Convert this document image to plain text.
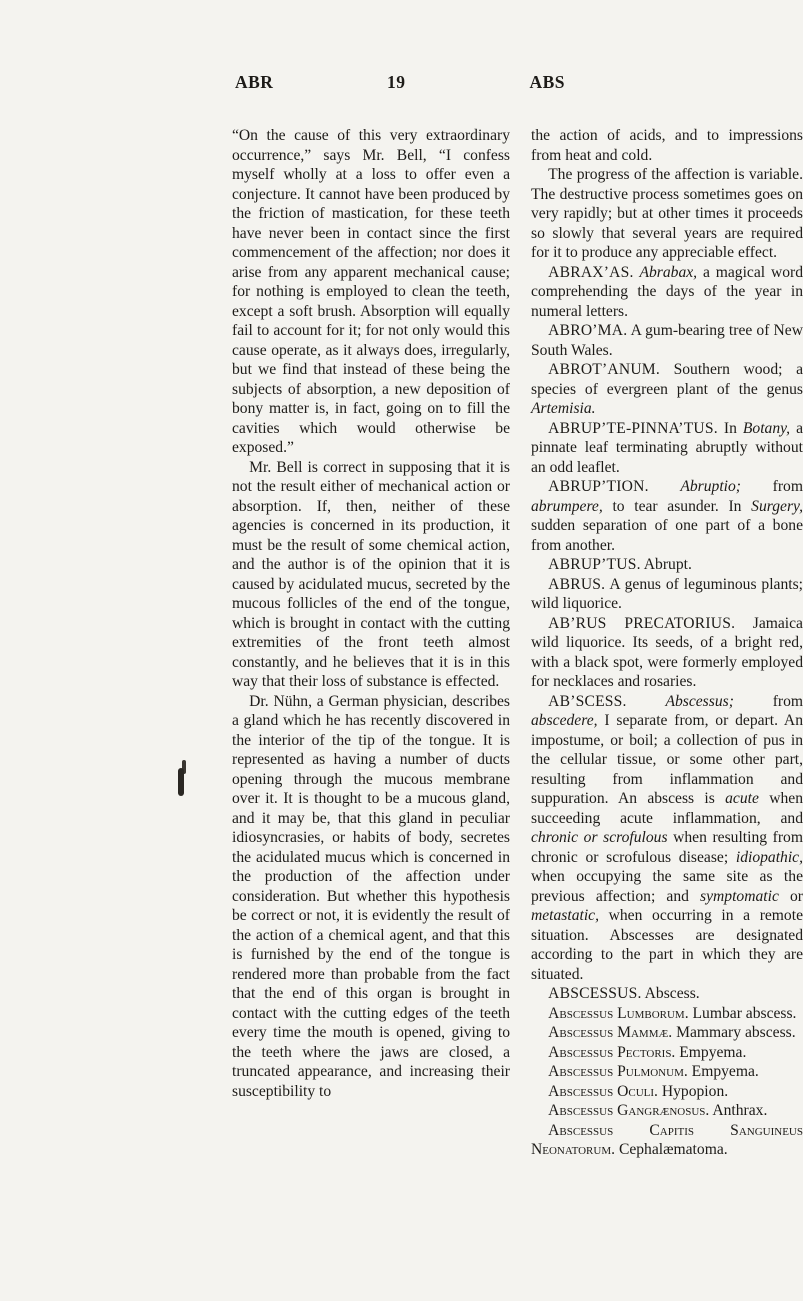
ABR	19	ABS

“On the cause of this very extraordinary occurrence,” says Mr. Bell, “I confess myself wholly at a loss to offer even a conjecture. It cannot have been produced by the friction of mastication, for these teeth have never been in contact since the first commencement of the affection; nor does it arise from any apparent mechanical cause; for nothing is employed to clean the teeth, except a soft brush. Absorption will equally fail to account for it; for not only would this cause operate, as it always does, irregularly, but we find that instead of these being the subjects of absorption, a new deposition of bony matter is, in fact, going on to fill the cavities which would otherwise be exposed.”

Mr. Bell is correct in supposing that it is not the result either of mechanical action or absorption. If, then, neither of these agencies is concerned in its production, it must be the result of some chemical action, and the author is of the opinion that it is caused by acidulated mucus, secreted by the mucous follicles of the end of the tongue, which is brought in contact with the cutting extremities of the front teeth almost constantly, and he believes that it is in this way that their loss of substance is effected.

Dr. Nühn, a German physician, describes a gland which he has recently discovered in the interior of the tip of the tongue. It is represented as having a number of ducts opening through the mucous membrane over it. It is thought to be a mucous gland, and it may be, that this gland in peculiar idiosyncrasies, or habits of body, secretes the acidulated mucus which is concerned in the production of the affection under consideration. But whether this hypothesis be correct or not, it is evidently the result of the action of a chemical agent, and that this is furnished by the end of the tongue is rendered more than probable from the fact that the end of this organ is brought in contact with the cutting edges of the teeth every time the mouth is opened, giving to the teeth where the jaws are closed, a truncated appearance, and increasing their susceptibility to

the action of acids, and to impressions from heat and cold.

The progress of the affection is variable. The destructive process sometimes goes on very rapidly; but at other times it proceeds so slowly that several years are required for it to produce any appreciable effect.

ABRAX’AS. Abrabax, a magical word comprehending the days of the year in numeral letters.

ABRO’MA. A gum-bearing tree of New South Wales.

ABROT’ANUM. Southern wood; a species of evergreen plant of the genus Artemisia.

ABRUP’TE-PINNA’TUS. In Botany, a pinnate leaf terminating abruptly without an odd leaflet.

ABRUP’TION. Abruptio; from abrumpere, to tear asunder. In Surgery, sudden separation of one part of a bone from another.

ABRUP’TUS. Abrupt.

ABRUS. A genus of leguminous plants; wild liquorice.

AB’RUS PRECATORIUS. Jamaica wild liquorice. Its seeds, of a bright red, with a black spot, were formerly employed for necklaces and rosaries.

AB’SCESS. Abscessus; from abscedere, I separate from, or depart. An impostume, or boil; a collection of pus in the cellular tissue, or some other part, resulting from inflammation and suppuration. An abscess is acute when succeeding acute inflammation, and chronic or scrofulous when resulting from chronic or scrofulous disease; idiopathic, when occupying the same site as the previous affection; and symptomatic or metastatic, when occurring in a remote situation. Abscesses are designated according to the part in which they are situated.

ABSCESSUS. Abscess.

Abscessus Lumborum. Lumbar abscess.

Abscessus Mammæ. Mammary abscess.

Abscessus Pectoris. Empyema.

Abscessus Pulmonum. Empyema.

Abscessus Oculi. Hypopion.

Abscessus Gangrænosus. Anthrax.

Abscessus Capitis Sanguineus Neonatorum. Cephalæmatoma.
